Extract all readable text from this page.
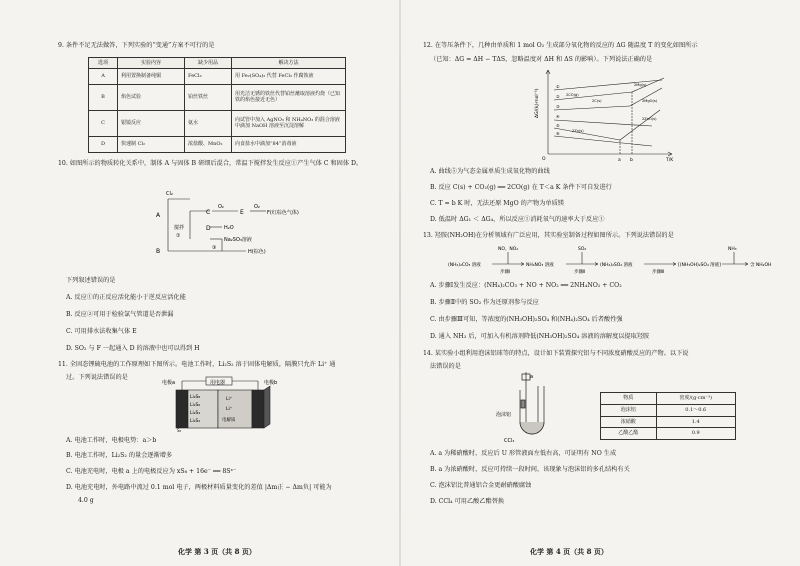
9. 条件不足无法做答，下列实验的“变通”方案不可行的是
选项	实验内容	缺少用品	解决方法
A	利用置换制备纯铜	FeCl₃	用 Fe₂(SO₄)₃ 代替 FeCl₃ 作腐蚀液
B	焰色试验	铂丝铁丝	用光洁无锈的铁丝代替铂丝蘸取溶液灼烧（已知铁的焰色接近无色）
C	银镜反应	氨水	向试管中加入 AgNO₃ 和 NH₄NO₃ 的混合溶液中滴加 NaOH 溶液至沉淀溶解
D	快速制 Cl₂	浓盐酸、MnO₂	向食盐水中滴加“84”消毒液
10. 如图所示的物质转化关系中，制体 A 与固体 B 研细后混合，常温下搅拌发生反应①产生气体 C 和固体 D。
Cl₂
A
B
搅拌
①
C
O₂
E
O₂
F(红棕色气体)
D	H₂O
Na₂SO₃溶液
③
H(棕色)
下列叙述错误的是
A. 反应①的正反应活化能小于逆反应活化能
B. 反应②可用于检验氯气管道是否泄漏
C. 可用排水法收集气体 E
D. SO₂ 与 F 一起通入 D 的溶液中也可以得到 H
11. 全固态锂硫电池的工作原理如下图所示。电池工作时，Li₂S₂ 溶于固体电解质，隔膜只允许 Li⁺ 通
过。下列说法错误的是
用电器
电极a	电极b
Li₂S₈
Li₂S₆
Li₂S₄
Li₂S₂
Li⁺
Li⁺
电解质
S₈
A. 电池工作时，电极电势：a＞b
B. 电池工作时，Li₂S₂ 的量会逐渐增多
C. 电池充电时，电极 a 上的电极反应为 xS₈ + 16e⁻ ══ 8Sˣ⁻
D. 电池充电时，外电路中流过 0.1 mol 电子，两极材料质量变化的差值 |Δm正 − Δm负| 可能为
4.0 g
化学 第 3 页（共 8 页）
12. 在等压条件下，几种由单质和 1 mol O₂ 生成部分氧化物的反应的 ΔG 随温度 T 的变化如图所示
（已知：ΔG = ΔH − TΔS，忽略温度对 ΔH 和 ΔS 的影响）。下列说法正确的是
ΔG/(kJ·mol⁻¹)
T/K
O	a b
①
②
③
④
⑤
⑥
2CO(g)
2C(s)
2Mg(s)
2MgO(s)
2Zn(s)
2ZnO(s)
A. 曲线⑤为气态金属单质生成氧化物的曲线
B. 反应 C(s) + CO₂(g) ══ 2CO(g) 在 T＜a K 条件下可自发进行
C. T = b K 时，无法还原 MgO 的产物为单质镁
D. 低温时 ΔG₁ ＜ ΔG₄，所以反应①消耗氧气的速率大于反应①
13. 羟胺(NH₂OH)在分析领域有广泛应用，其实验室制备过程如图所示。下列说法错误的是
(NH₄)₂CO₃ 溶液
NO、NO₂
步骤Ⅰ
NH₄NO₃ 溶液
SO₂
步骤Ⅱ
(NH₄)₂SO₄ 溶液
步骤Ⅲ
[(NH₃OH)₂SO₄ 溶液]
NH₃
含 NH₂OH
A. 步骤Ⅰ发生反应：(NH₄)₂CO₃ + NO + NO₂ ══ 2NH₄NO₂ + CO₂
B. 步骤Ⅱ中的 SO₂ 作为还原剂参与反应
C. 由步骤Ⅲ可知，等浓度的(NH₃OH)₂SO₄ 和(NH₄)₂SO₄ 后者酸性强
D. 通入 NH₃ 后，可加入有机溶剂降低(NH₃OH)₂SO₄ 溶液的溶解度以提取羟胺
14. 某实验小组利用泡沫铝球等的特点，设计如下装置探究铝与不同浓度硝酸反应的产物。以下说
法错误的是
a
泡沫铝
CCl₄
物质	密度/(g·cm⁻³)
泡沫铝	0.1～0.6
浓硝酸	1.4
乙酸乙酯	0.9
A. a 为稀硝酸时，反应后 U 形管液面左低右高，可证明有 NO 生成
B. a 为浓硝酸时，反应可持续一段时间，该现象与泡沫铝的多孔结构有关
C. 泡沫铝比普通铝合金更耐硝酸腐蚀
D. CCl₄ 可用乙酸乙酯替换
化学 第 4 页（共 8 页）
